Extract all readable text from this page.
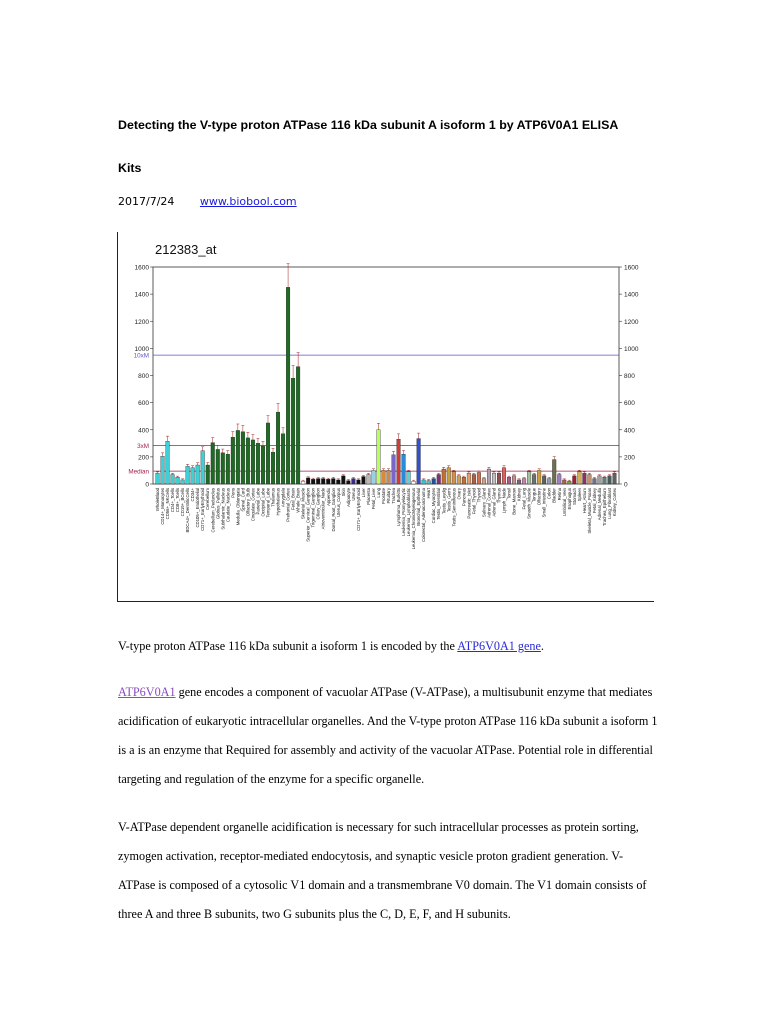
Detecting the V-type proton ATPase 116 kDa subunit A isoform 1 by ATP6V0A1 ELISA
Kits
2017/7/24 www.biobool.com
212383_at
0	0
200	200
400	400
600	600
800	800
1000	1000
1200	1200
1400	1400
1600	1600
10xM
3xM
Median
WholeBlood CD14+_Monocytes CD56+_NKCells CD4+_Tcells CD8+_Tcells CD19+_BCells BDCA4+_DentriticCells CD34+ CD105+_Endothelial CD71+_EarlyErythroid Cerebellum Cerebellum_Peduncles Globus_Pallidus Subthalamic_Nucleus Caudate_Nucleus Pons Medulla_Oblongata Spinal_Cord Olfactory_Bulb Cingulate_Cortex Parietal_Lobe Occipital_Lobe Temporal_Lobe Thalamus Hypothalamus Amygdala Prefrontal_Cortex Fetal_Brain Whole_Brain Skeletal_Muscle Superior_Cervical_Ganglion Trigeminal_Ganglion Ciliary_Ganglion Atrioventricular_Node Appendix Dorsal_Root_Ganglion Uterus_Corpus Skin Adipocyte Uterus CD71+_EarlyErythroid Liver Placenta Fetal_Liver Lung Prostate Pituitary Trachea Lymphoma_Burkitts Leukemia_Promyelocytic Leukemia_Lymphoblastic Leukemia_ChronicMyelogenous Bronchial_Epithelial Colorectal_Adenocarcinoma Heart Cardiac_Myocytes Testis_Interstitial Testis_Leydig Testis_Germ Testis_Seminiferous Ovary Pancreas Pancreatic_Islet Fetal_Thyroid Thyroid Salivary_Gland Adrenal_Cortex Adrenal_Gland Thymus Lymph_Node Tonsil Bone_Marrow Kidney Fetal_Lung Smooth_Muscle Tongue Olfactory Small_Intestine Colon Bladder Retina Umbilical_Vein Esophagus Stomach Spleen Heart_Atrium Skeletal_Muscle_Psoas Fetal_Kidney Adrenal_Medulla Trachea_Epithelium Lung_Fibroblast Kidney_Cortex

V-type proton ATPase 116 kDa subunit a isoform 1 is encoded by the ATP6V0A1 gene.

ATP6V0A1 gene encodes a component of vacuolar ATPase (V-ATPase), a multisubunit enzyme that mediates acidification of eukaryotic intracellular organelles. And the V-type proton ATPase 116 kDa subunit a isoform 1 is a is an enzyme that Required for assembly and activity of the vacuolar ATPase. Potential role in differential targeting and regulation of the enzyme for a specific organelle.

V-ATPase dependent organelle acidification is necessary for such intracellular processes as protein sorting, zymogen activation, receptor-mediated endocytosis, and synaptic vesicle proton gradient generation. V-ATPase is composed of a cytosolic V1 domain and a transmembrane V0 domain. The V1 domain consists of three A and three B subunits, two G subunits plus the C, D, E, F, and H subunits.
